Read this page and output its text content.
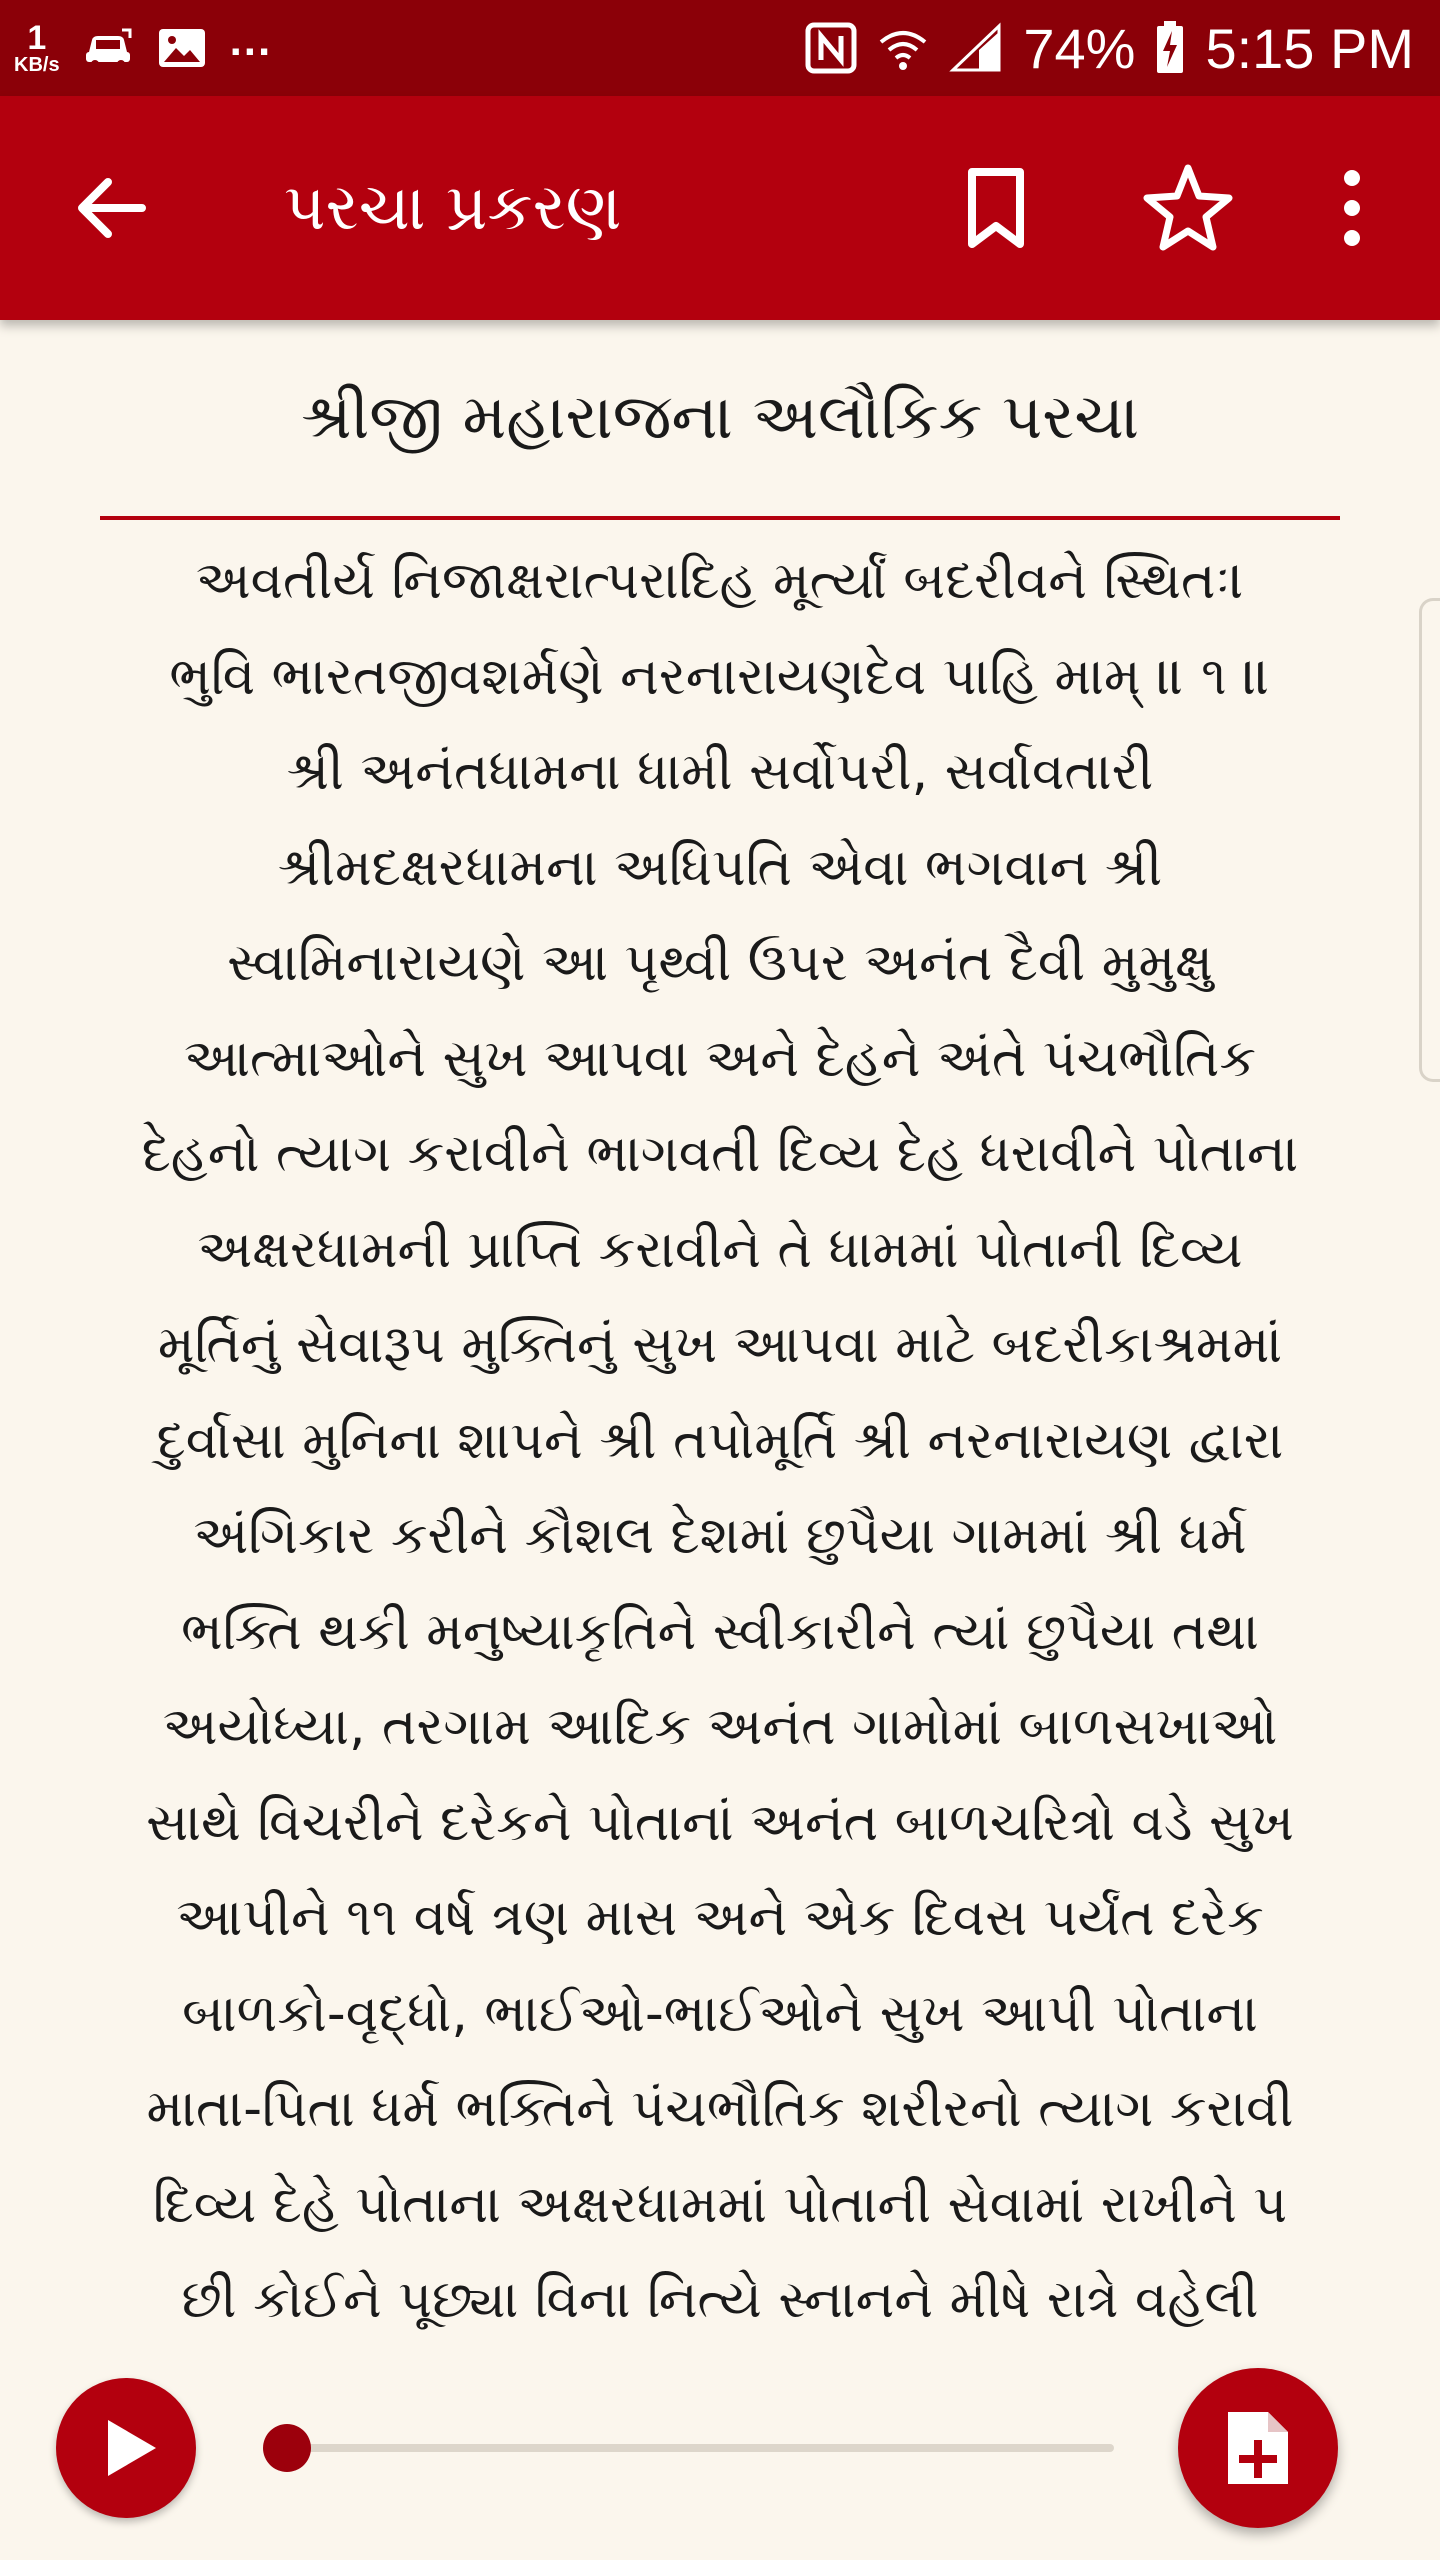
1
KB/s	...	74% 5:15 PM
પરચા પ્રકરણ
શ્રીજી મહારાજના અલૌકિક પરચા
અવતીર્ય નિજાક્ષરાત્પરાદિહ મૂર્ત્યાં બદરીવને સ્થિતઃ।
ભુવિ ભારતજીવશર્મણે નરનારાયણદેવ પાહિ મામ્ ॥ ૧ ॥
શ્રી અનંતધામના ધામી સર્વોપરી, સર્વાવતારી
શ્રીમદક્ષરધામના અધિપતિ એવા ભગવાન શ્રી
સ્વામિનારાયણે આ પૃથ્વી ઉપર અનંત દૈવી મુમુક્ષુ
આત્માઓને સુખ આપવા અને દેહને અંતે પંચભૌતિક
દેહનો ત્યાગ કરાવીને ભાગવતી દિવ્ય દેહ ધરાવીને પોતાના
અક્ષરધામની પ્રાપ્તિ કરાવીને તે ધામમાં પોતાની દિવ્ય
મૂર્તિનું સેવારૂપ મુક્તિનું સુખ આપવા માટે બદરીકાશ્રમમાં
દુર્વાસા મુનિના શાપને શ્રી તપોમૂર્તિ શ્રી નરનારાયણ દ્વારા
અંગિકાર કરીને કૌશલ દેશમાં છુપૈયા ગામમાં શ્રી ધર્મ
ભક્તિ થકી મનુષ્યાકૃતિને સ્વીકારીને ત્યાં છુપૈયા તથા
અયોધ્યા, તરગામ આદિક અનંત ગામોમાં બાળસખાઓ
સાથે વિચરીને દરેકને પોતાનાં અનંત બાળચરિત્રો વડે સુખ
આપીને ૧૧ વર્ષ ત્રણ માસ અને એક દિવસ પર્યંત દરેક
બાળકો-વૃદ્ધો, ભાઈઓ-ભાઈઓને સુખ આપી પોતાના
માતા-પિતા ધર્મ ભક્તિને પંચભૌતિક શરીરનો ત્યાગ કરાવી
દિવ્ય દેહે પોતાના અક્ષરધામમાં પોતાની સેવામાં રાખીને પ
છી કોઈને પૂછ્યા વિના નિત્યે સ્નાનને મીષે રાત્રે વહેલી
